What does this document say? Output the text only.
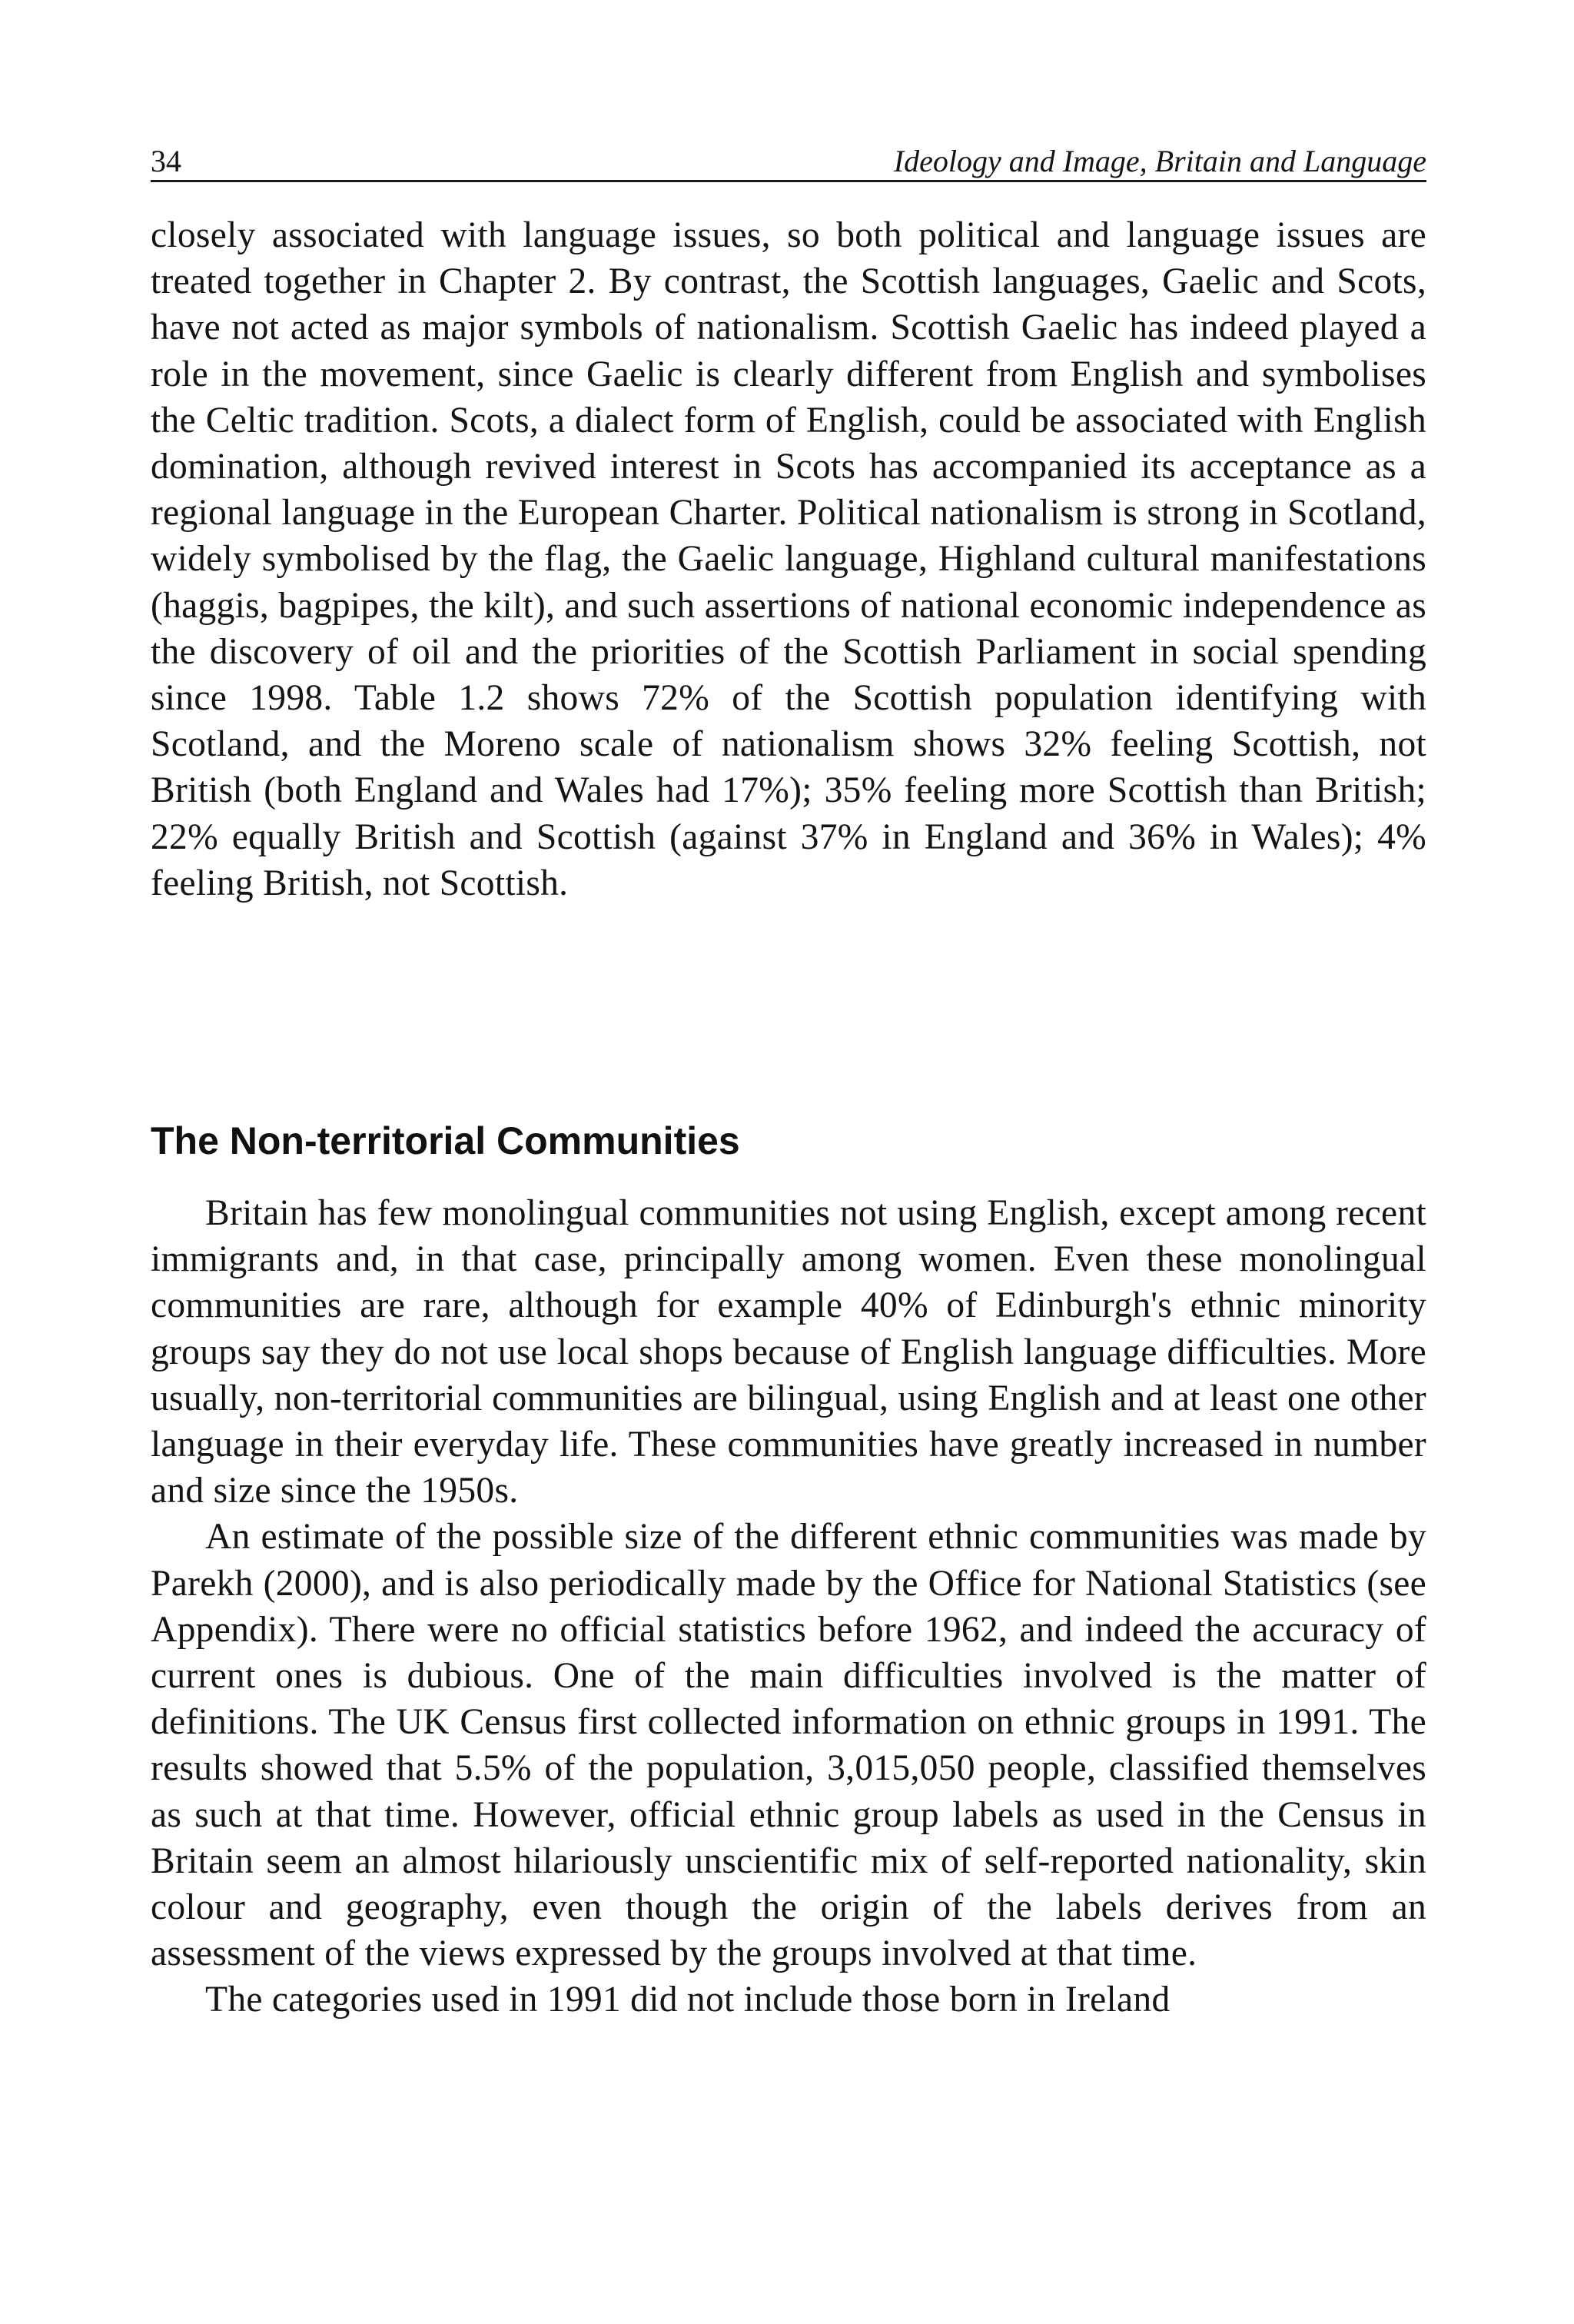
34	Ideology and Image, Britain and Language

closely associated with language issues, so both political and language issues are treated together in Chapter 2. By contrast, the Scottish languages, Gaelic and Scots, have not acted as major symbols of nationalism. Scottish Gaelic has indeed played a role in the movement, since Gaelic is clearly different from English and symbolises the Celtic tradition. Scots, a dialect form of English, could be associated with English domination, although revived interest in Scots has accompanied its acceptance as a regional language in the European Charter. Political nationalism is strong in Scotland, widely symbolised by the flag, the Gaelic language, Highland cultural manifestations (haggis, bagpipes, the kilt), and such assertions of national economic independence as the discovery of oil and the priorities of the Scottish Parliament in social spending since 1998. Table 1.2 shows 72% of the Scottish population identifying with Scotland, and the Moreno scale of nationalism shows 32% feeling Scottish, not British (both England and Wales had 17%); 35% feeling more Scottish than British; 22% equally British and Scottish (against 37% in England and 36% in Wales); 4% feeling British, not Scottish.

The Non-territorial Communities

Britain has few monolingual communities not using English, except among recent immigrants and, in that case, principally among women. Even these monolingual communities are rare, although for example 40% of Edinburgh's ethnic minority groups say they do not use local shops because of English language difficulties. More usually, non-territorial communities are bilingual, using English and at least one other language in their everyday life. These communities have greatly increased in number and size since the 1950s.

An estimate of the possible size of the different ethnic communities was made by Parekh (2000), and is also periodically made by the Office for National Statistics (see Appendix). There were no official statistics before 1962, and indeed the accuracy of current ones is dubious. One of the main difficulties involved is the matter of definitions. The UK Census first collected information on ethnic groups in 1991. The results showed that 5.5% of the population, 3,015,050 people, classified themselves as such at that time. However, official ethnic group labels as used in the Census in Britain seem an almost hilariously unscientific mix of self-reported nationality, skin colour and geography, even though the origin of the labels derives from an assessment of the views expressed by the groups involved at that time.

The categories used in 1991 did not include those born in Ireland
